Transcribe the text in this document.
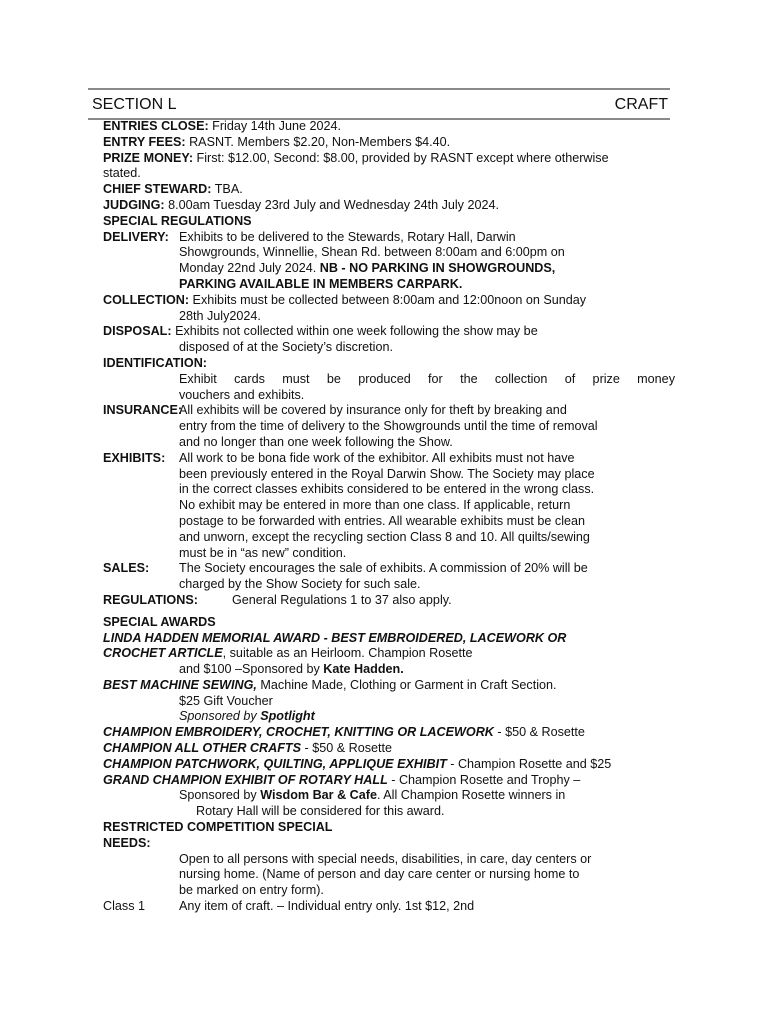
SECTION L	CRAFT
ENTRIES CLOSE: Friday 14th June 2024.
ENTRY FEES: RASNT. Members $2.20, Non-Members $4.40.
PRIZE MONEY: First: $12.00, Second: $8.00, provided by RASNT except where otherwise
stated.
CHIEF STEWARD: TBA.
JUDGING: 8.00am Tuesday 23rd July and Wednesday 24th July 2024.
SPECIAL REGULATIONS
DELIVERY: Exhibits to be delivered to the Stewards, Rotary Hall, Darwin
Showgrounds, Winnellie, Shean Rd. between 8:00am and 6:00pm on
Monday 22nd July 2024. NB - NO PARKING IN SHOWGROUNDS,
PARKING AVAILABLE IN MEMBERS CARPARK.
COLLECTION: Exhibits must be collected between 8:00am and 12:00noon on Sunday
28th July2024.
DISPOSAL: Exhibits not collected within one week following the show may be
disposed of at the Society’s discretion.
IDENTIFICATION:
Exhibit cards must be produced for the collection of prize money
vouchers and exhibits.
INSURANCE:
All exhibits will be covered by insurance only for theft by breaking and
entry from the time of delivery to the Showgrounds until the time of removal
and no longer than one week following the Show.
EXHIBITS:	All work to be bona fide work of the exhibitor. All exhibits must not have
been previously entered in the Royal Darwin Show. The Society may place
in the correct classes exhibits considered to be entered in the wrong class.
No exhibit may be entered in more than one class. If applicable, return
postage to be forwarded with entries. All wearable exhibits must be clean
and unworn, except the recycling section Class 8 and 10. All quilts/sewing
must be in “as new” condition.
SALES:	The Society encourages the sale of exhibits. A commission of 20% will be
charged by the Show Society for such sale.
REGULATIONS:	General Regulations 1 to 37 also apply.
SPECIAL AWARDS
LINDA HADDEN MEMORIAL AWARD - BEST EMBROIDERED, LACEWORK OR
CROCHET ARTICLE, suitable as an Heirloom. Champion Rosette
and $100 –Sponsored by Kate Hadden.
BEST MACHINE SEWING, Machine Made, Clothing or Garment in Craft Section.
$25 Gift Voucher
Sponsored by Spotlight
CHAMPION EMBROIDERY, CROCHET, KNITTING OR LACEWORK - $50 & Rosette
CHAMPION ALL OTHER CRAFTS - $50 & Rosette
CHAMPION PATCHWORK, QUILTING, APPLIQUE EXHIBIT - Champion Rosette and $25
GRAND CHAMPION EXHIBIT OF ROTARY HALL - Champion Rosette and Trophy –
Sponsored by Wisdom Bar & Cafe. All Champion Rosette winners in
Rotary Hall will be considered for this award.
RESTRICTED COMPETITION SPECIAL
NEEDS:
Open to all persons with special needs, disabilities, in care, day centers or
nursing home. (Name of person and day care center or nursing home to
be marked on entry form).
Class 1	Any item of craft. – Individual entry only. 1st $12, 2nd
